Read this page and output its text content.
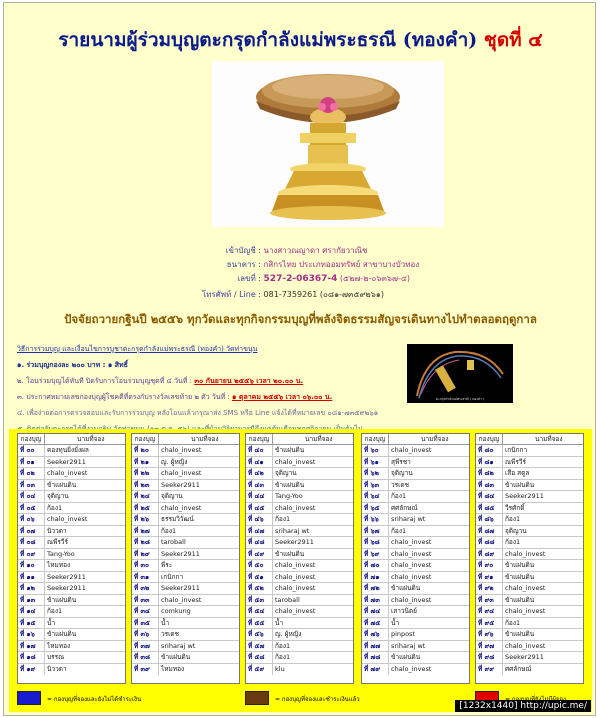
รายนามผู้ร่วมบุญตะกรุดกำลังแม่พระธรณี (ทองคำ) ชุดที่ ๔
เข้าบัญชี : นางสาวณญาดา ศรากัยวาณิช
ธนาคาร : กสิกรไทย ประเภทออมทรัพย์ สาขาบางบัวทอง
เลขที่ : 527-2-06367-4 (๕๒๗-๒-๐๖๓๖๗-๔)
โทรศัพท์ / Line : 081-7359261 (๐๘๑-๗๓๕๙๒๖๑)
ปัจจัยถวายกฐินปี ๒๕๕๖ ทุกวัดและทุกกิจกรรมบุญที่พลังจิตธรรมสัญจรเดินทางไปทำตลอดฤดูกาล
วิธีการร่วมบุญ และเงื่อนไขการบูชาตะกรุดกำลังแม่พระธรณี (ทองคำ) วัดท่าขนุน
๑. ร่วมบุญกองละ ๒๐๐ บาท : ๑ สิทธิ์
๒. โอนร่วมบุญได้ทันที ปิดรับการโอนร่วมบุญชุดที่ ๔ วันที่ : ๓๐ กันยายน ๒๕๕๖ เวลา ๒๐.๐๐ น.
๓. ประกาศหมายเลขกองบุญผู้โชคดีที่ตรงกับรางวัลเลขท้าย ๒ ตัว วันที่ : ๑ ตุลาคม ๒๕๕๖ เวลา ๐๖.๐๐ น.
๔. เพื่อง่ายต่อการตรวจสอบและรับการร่วมบุญ หลังโอนแล้วกรุณาส่ง SMS หรือ Line แจ้งได้ที่หมายเลข ๐๘๑-๗๓๕๙๒๖๑
ตะกรุดกำลังแม่พระธรณี ( ทองคำ )
กองบุญ	นามที่จอง
ที่ ๐๐ คองทุนยิ่งยั่งผล
ที่ ๐๑ Seeker2911
ที่ ๐๒ chalo_invest
ที่ ๐๓ ข้าแผ่นดิน
ที่ ๐๔ จุติญาน
ที่ ๐๕ ก้อง1
ที่ ๐๖ chalo_invest
ที่ ๐๗ นิววดา
ที่ ๐๘ ณพีรวีร์
ที่ ๐๙ Tang-Yoo
ที่ ๑๐ ไหมทอง
ที่ ๑๑ Seeker2911
ที่ ๑๒ Seeker2911
ที่ ๑๓ ข้าแผ่นดิน
ที่ ๑๔ ก้อง1
ที่ ๑๕ น้ำ
ที่ ๑๖ ข้าแผ่นดิน
ที่ ๑๗ ไหมทอง
ที่ ๑๘ บรรณ
ที่ ๑๙ นิววดา
กองบุญ	นามที่จอง
ที่ ๒๐ chalo_invest
ที่ ๒๑ ญ. ผู้หญิง
ที่ ๒๒ chalo_invest
ที่ ๒๓ Seeker2911
ที่ ๒๔ จุติญาน
ที่ ๒๕ chalo_invest
ที่ ๒๖ ธรรมวิวัฒน์
ที่ ๒๗ ก้อง1
ที่ ๒๘ taroball
ที่ ๒๙ Seeker2911
ที่ ๓๐ พีระ
ที่ ๓๑ เกนิกกา
ที่ ๓๒ Seeker2911
ที่ ๓๓ chalo_invest
ที่ ๓๔ comkung
ที่ ๓๕ น้ำ
ที่ ๓๖ วรเดช
ที่ ๓๗ sriharaj wt
ที่ ๓๘ ข้าแผ่นดิน
ที่ ๓๙ ไหมทอง
กองบุญ	นามที่จอง
ที่ ๔๐ ข้าแผ่นดิน
ที่ ๔๑ chalo_invest
ที่ ๔๒ จุติญาน
ที่ ๔๓ ข้าแผ่นดิน
ที่ ๔๔ Tang-Yoo
ที่ ๔๕ chalo_invest
ที่ ๔๖ ก้อง1
ที่ ๔๗ sriharaj wt
ที่ ๔๘ Seeker2911
ที่ ๔๙ ข้าแผ่นดิน
ที่ ๕๐ chalo_invest
ที่ ๕๑ chalo_invest
ที่ ๕๒ chalo_invest
ที่ ๕๓ taroball
ที่ ๕๔ chalo_invest
ที่ ๕๕ น้ำ
ที่ ๕๖ ญ. ผู้หญิง
ที่ ๕๗ ก้อง1
ที่ ๕๘ ก้อง1
ที่ ๕๙ klu
กองบุญ	นามที่จอง
ที่ ๖๐ chalo_invest
ที่ ๖๑ สุพีรชา
ที่ ๖๒ จุติญาน
ที่ ๖๓ วรเดช
ที่ ๖๔ ก้อง1
ที่ ๖๕ ศศลักษณ์
ที่ ๖๖ sriharaj wt
ที่ ๖๗ ก้อง1
ที่ ๖๘ chalo_invest
ที่ ๖๙ chalo_invest
ที่ ๗๐ chalo_invest
ที่ ๗๑ chalo_invest
ที่ ๗๒ ข้าแผ่นดิน
ที่ ๗๓ chalo_invest
ที่ ๗๔ เสาวนิตย์
ที่ ๗๕ น้ำ
ที่ ๗๖ pinpost
ที่ ๗๗ sriharaj wt
ที่ ๗๘ ข้าแผ่นดิน
ที่ ๗๙ chalo_invest
กองบุญ	นามที่จอง
ที่ ๘๐ เกนิกกา
ที่ ๘๑ ณพีรวีร์
ที่ ๘๒ เสือ สตูล
ที่ ๘๓ ข้าแผ่นดิน
ที่ ๘๔ Seeker2911
ที่ ๘๕ วีรศักดิ์
ที่ ๘๖ ก้อง1
ที่ ๘๗ จุติญาน
ที่ ๘๘ ก้อง1
ที่ ๘๙ chalo_invest
ที่ ๙๐ ข้าแผ่นดิน
ที่ ๙๑ ข้าแผ่นดิน
ที่ ๙๒ chalo_invest
ที่ ๙๓ ข้าแผ่นดิน
ที่ ๙๔ chalo_invest
ที่ ๙๕ ก้อง1
ที่ ๙๖ ข้าแผ่นดิน
ที่ ๙๗ chalo_invest
ที่ ๙๘ Seeker2911
ที่ ๙๙ ศศลักษณ์
= กองบุญที่จองและยังไม่ได้ชำระเงิน	= กองบุญที่จองและชำระเงินแล้ว
[1232x1440] http://upic.me/
